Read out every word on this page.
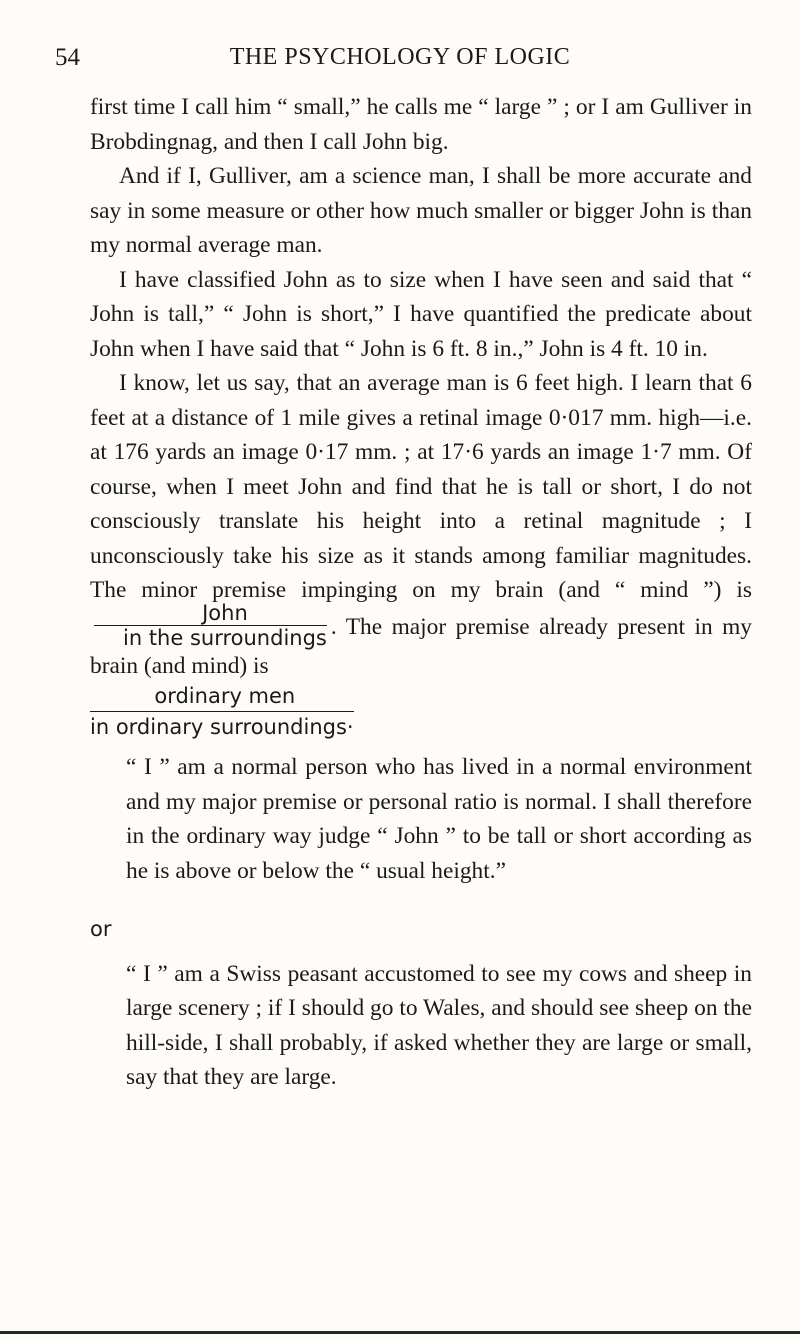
54	THE PSYCHOLOGY OF LOGIC

first time I call him “ small,” he calls me “ large ” ; or I am Gulliver in Brobdingnag, and then I call John big.

And if I, Gulliver, am a science man, I shall be more accurate and say in some measure or other how much smaller or bigger John is than my normal average man.

I have classified John as to size when I have seen and said that “ John is tall,” “ John is short,” I have quantified the predicate about John when I have said that “ John is 6 ft. 8 in.,” John is 4 ft. 10 in.

I know, let us say, that an average man is 6 feet high. I learn that 6 feet at a distance of 1 mile gives a retinal image 0·017 mm. high—i.e. at 176 yards an image 0·17 mm. ; at 17·6 yards an image 1·7 mm. Of course, when I meet John and find that he is tall or short, I do not consciously translate his height into a retinal magnitude ; I unconsciously take his size as it stands among familiar magnitudes. The minor premise impinging on my brain (and “ mind ”) is
$\frac{\text{John}}{\text{in the surroundings}}$ . The major premise already present in my brain (and mind) is

$\frac{\text{ordinary men}}{\text{in ordinary surroundings·}}$

“ I ” am a normal person who has lived in a normal environment and my major premise or personal ratio is normal. I shall therefore in the ordinary way judge “ John ” to be tall or short according as he is above or below the “ usual height.”

or

“ I ” am a Swiss peasant accustomed to see my cows and sheep in large scenery ; if I should go to Wales, and should see sheep on the hill-side, I shall probably, if asked whether they are large or small, say that they are large.
